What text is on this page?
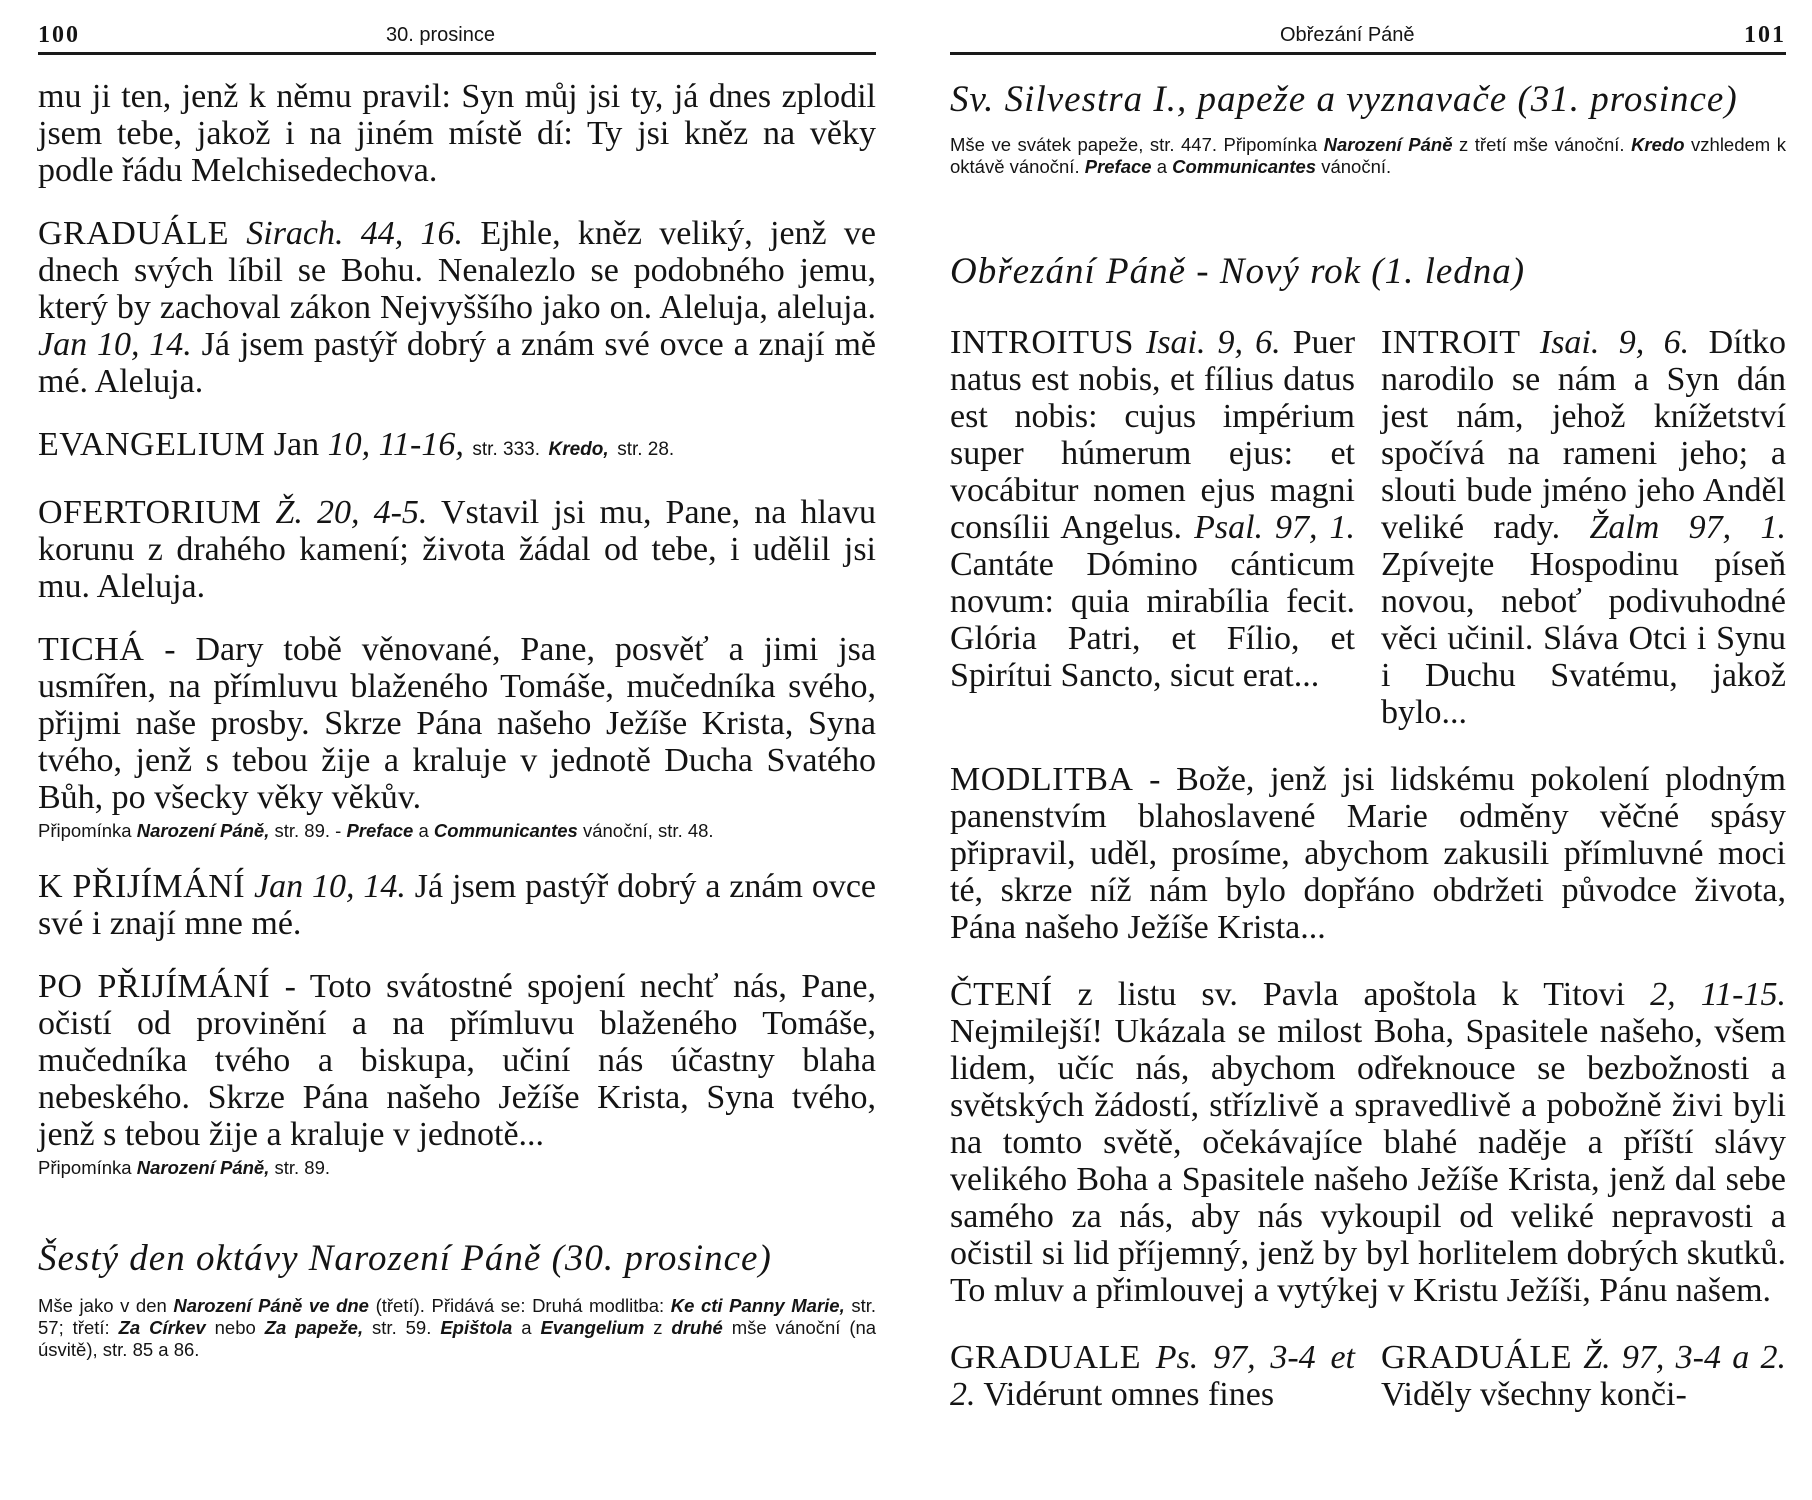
100	30. prosince

mu ji ten, jenž k němu pravil: Syn můj jsi ty, já dnes zplodil jsem tebe, jakož i na jiném místě dí: Ty jsi kněz na věky podle řádu Melchisedechova.

GRADUÁLE Sirach. 44, 16. Ejhle, kněz veliký, jenž ve dnech svých líbil se Bohu. Nenalezlo se podobného jemu, který by zachoval zákon Nejvyššího jako on. Aleluja, aleluja. Jan 10, 14. Já jsem pastýř dobrý a znám své ovce a znají mě mé. Aleluja.

EVANGELIUM Jan 10, 11-16, str. 333. Kredo, str. 28.

OFERTORIUM Ž. 20, 4-5. Vstavil jsi mu, Pane, na hlavu korunu z drahého kamení; života žádal od tebe, i udělil jsi mu. Aleluja.

TICHÁ - Dary tobě věnované, Pane, posvěť a jimi jsa usmířen, na přímluvu blaženého Tomáše, mučedníka svého, přijmi naše prosby. Skrze Pána našeho Ježíše Krista, Syna tvého, jenž s tebou žije a kraluje v jednotě Ducha Svatého Bůh, po všecky věky věkův.

Připomínka Narození Páně, str. 89. - Preface a Communicantes vánoční, str. 48.

K PŘIJÍMÁNÍ Jan 10, 14. Já jsem pastýř dobrý a znám ovce své i znají mne mé.

PO PŘIJÍMÁNÍ - Toto svátostné spojení nechť nás, Pane, očistí od provinění a na přímluvu blaženého Tomáše, mučedníka tvého a biskupa, učiní nás účastny blaha nebeského. Skrze Pána našeho Ježíše Krista, Syna tvého, jenž s tebou žije a kraluje v jednotě...

Připomínka Narození Páně, str. 89.

Šestý den oktávy Narození Páně (30. prosince)

Mše jako v den Narození Páně ve dne (třetí). Přidává se: Druhá modlitba: Ke cti Panny Marie, str. 57; třetí: Za Církev nebo Za papeže, str. 59. Epištola a Evangelium z druhé mše vánoční (na úsvitě), str. 85 a 86.

Obřezání Páně	101

Sv. Silvestra I., papeže a vyznavače (31. prosince)

Mše ve svátek papeže, str. 447. Připomínka Narození Páně z třetí mše vánoční. Kredo vzhledem k oktávě vánoční. Preface a Communicantes vánoční.

Obřezání Páně - Nový rok (1. ledna)

INTROITUS Isai. 9, 6. Puer natus est nobis, et fílius datus est nobis: cujus impérium super húmerum ejus: et vocábitur nomen ejus magni consílii Angelus. Psal. 97, 1. Cantáte Dómino cánticum novum: quia mirabília fecit. Glória Patri, et Fílio, et Spirítui Sancto, sicut erat...

INTROIT Isai. 9, 6. Dítko narodilo se nám a Syn dán jest nám, jehož knížetství spočívá na rameni jeho; a slouti bude jméno jeho Anděl veliké rady. Žalm 97, 1. Zpívejte Hospodinu píseň novou, neboť podivuhodné věci učinil. Sláva Otci i Synu i Duchu Svatému, jakož bylo...

MODLITBA - Bože, jenž jsi lidskému pokolení plodným panenstvím blahoslavené Marie odměny věčné spásy připravil, uděl, prosíme, abychom zakusili přímluvné moci té, skrze níž nám bylo dopřáno obdržeti původce života, Pána našeho Ježíše Krista...

ČTENÍ z listu sv. Pavla apoštola k Titovi 2, 11-15. Nejmilejší! Ukázala se milost Boha, Spasitele našeho, všem lidem, učíc nás, abychom odřeknouce se bezbožnosti a světských žádostí, střízlivě a spravedlivě a pobožně živi byli na tomto světě, očekávajíce blahé naděje a příští slávy velikého Boha a Spasitele našeho Ježíše Krista, jenž dal sebe samého za nás, aby nás vykoupil od veliké nepravosti a očistil si lid příjemný, jenž by byl horlitelem dobrých skutků. To mluv a přimlouvej a vytýkej v Kristu Ježíši, Pánu našem.

GRADUALE Ps. 97, 3-4 et 2. Vidérunt omnes fines

GRADUÁLE Ž. 97, 3-4 a 2. Viděly všechny konči-
